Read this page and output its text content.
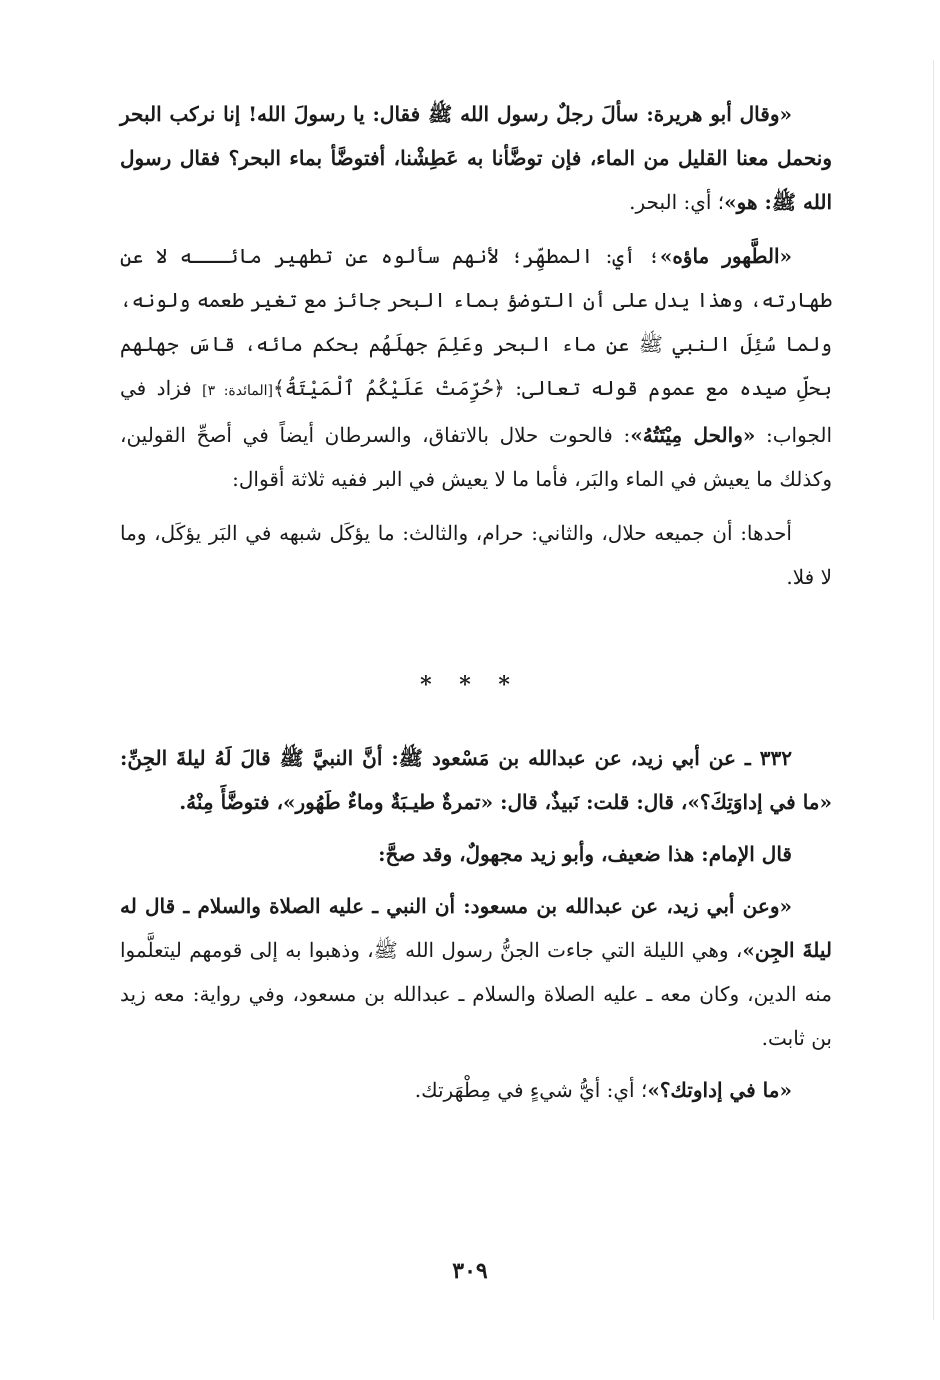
«وقال أبو هريرة: سألَ رجلٌ رسول الله ﷺ فقال: يا رسولَ الله! إنا نركب البحر ونحمل معنا القليل من الماء، فإن توضَّأنا به عَطِشْنا، أفتوضَّأ بماء البحر؟ فقال رسول الله ﷺ: هو»؛ أي: البحر.

«الطَّهور ماؤه»؛ أي: المطهِّر؛ لأنهم سألوه عن تطهير مائـــه لا عن طهارته، وهذا يدل على أن التوضؤ بماء البحر جائز مع تغير طعمه ولونه، ولما سُئِلَ النبي ﷺ عن ماء البحر وعَلِمَ جهلَهُم بحكم مائه، قاسَ جهلهم بحلِّ صيده مع عموم قوله تعالى: ﴿حُرِّمَتْ عَلَيْكُمُ ٱلْمَيْتَةُ﴾[المائدة: ٣] فزاد في الجواب: «والحل مِيْتَتُهُ»: فالحوت حلال بالاتفاق، والسرطان أيضاً في أصحِّ القولين، وكذلك ما يعيش في الماء والبَر، فأما ما لا يعيش في البر ففيه ثلاثة أقوال:

أحدها: أن جميعه حلال، والثاني: حرام، والثالث: ما يؤكَل شبهه في البَر يؤكَل، وما لا فلا.

* * *

٣٣٢ ـ عن أبي زيد، عن عبدالله بن مَسْعود ﷺ: أنَّ النبيَّ ﷺ قالَ لَهُ ليلةَ الجِنِّ: «ما في إداوَتِكَ؟»، قال: قلت: نَبيذٌ، قال: «تمرةٌ طيـبَةٌ وماءٌ طَهُور»، فتوضَّأَ مِنْهُ.

قال الإمام: هذا ضعيف، وأبو زيد مجهولٌ، وقد صحَّ:

«وعن أبي زيد، عن عبدالله بن مسعود: أن النبي ـ عليه الصلاة والسلام ـ قال له ليلةَ الجِن»، وهي الليلة التي جاءت الجنُّ رسول الله ﷺ، وذهبوا به إلى قومهم ليتعلَّموا منه الدين، وكان معه ـ عليه الصلاة والسلام ـ عبدالله بن مسعود، وفي رواية: معه زيد بن ثابت.

«ما في إداوتك؟»؛ أي: أيُّ شيءٍ في مِطْهَرتك.

٣٠٩
